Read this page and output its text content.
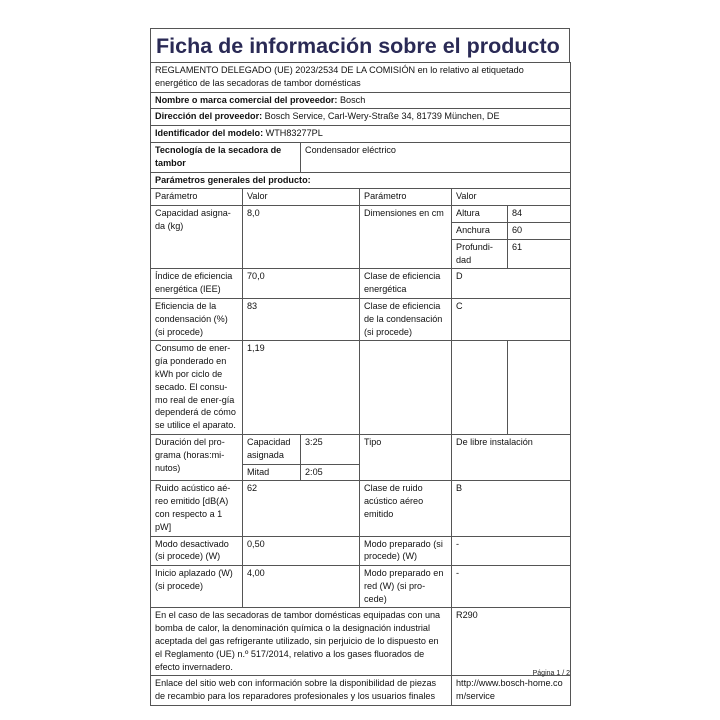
Ficha de información sobre el producto
REGLAMENTO DELEGADO (UE) 2023/2534 DE LA COMISIÓN en lo relativo al etiquetado energético de las secadoras de tambor domésticas					
Nombre o marca comercial del proveedor: Bosch					
Dirección del proveedor: Bosch Service, Carl-Wery-Straße 34, 81739 München, DE					
Identificador del modelo: WTH83277PL					
Tecnología de la secadora de tambor		Condensador eléctrico			
Parámetros generales del producto:					
Parámetro	Valor		Parámetro	Valor	
Capacidad asigna-da (kg)	8,0		Dimensiones en cm	Altura	84
				Anchura	60
				Profundi-dad	61
Índice de eficiencia energética (IEE)	70,0		Clase de eficiencia energética	D	
Eficiencia de la condensación (%) (si procede)	83		Clase de eficiencia de la condensación (si procede)	C	
Consumo de ener-gía ponderado en kWh por ciclo de secado. El consu-mo real de ener-gía dependerá de cómo se utilice el aparato.	1,19				
Duración del pro-grama (horas:mi-nutos)	Capacidad asignada	3:25	Tipo	De libre instalación	
	Mitad	2:05			
Ruido acústico aé-reo emitido [dB(A) con respecto a 1 pW]	62		Clase de ruido acústico aéreo emitido	B	
Modo desactivado (si procede) (W)	0,50		Modo preparado (si procede) (W)	-	
Inicio aplazado (W) (si procede)	4,00		Modo preparado en red (W) (si pro-cede)	-	
En el caso de las secadoras de tambor domésticas equipadas con una bomba de calor, la denominación química o la designación industrial aceptada del gas refrigerante utilizado, sin perjuicio de lo dispuesto en el Reglamento (UE) n.º 517/2014, relativo a los gases fluorados de efecto invernadero.				R290	
Enlace del sitio web con información sobre la disponibilidad de piezas de recambio para los reparadores profesionales y los usuarios finales				http://www.bosch-home.com/service	
Página 1 / 2
